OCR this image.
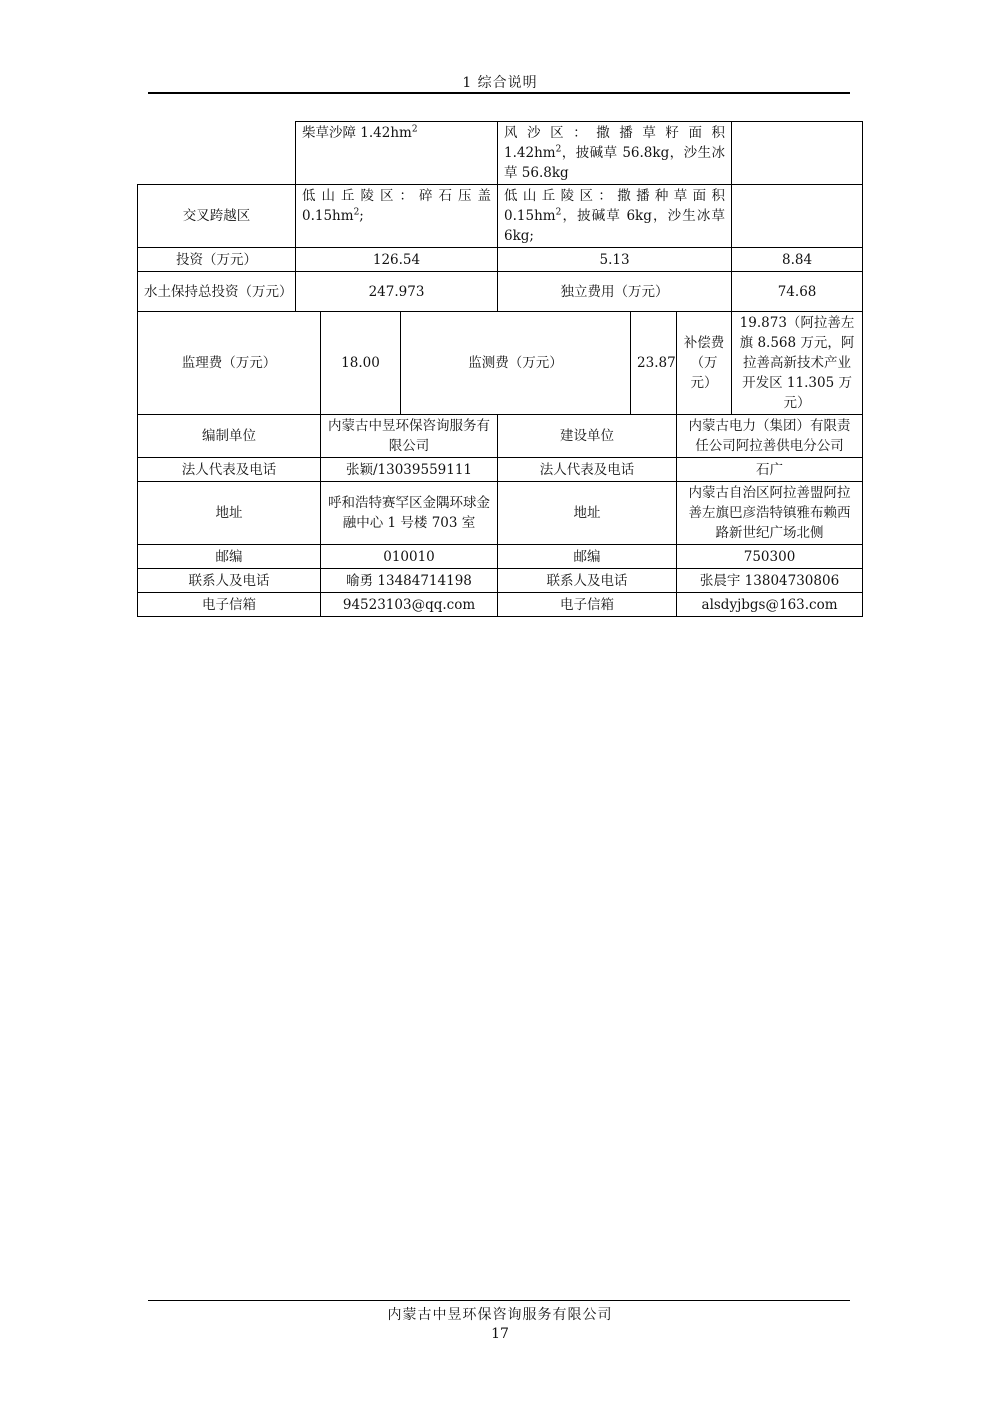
1 综合说明
	柴草沙障 $1.42hm^2$			风 沙 区 ： 撒 播 草 籽 面 积 $1.42hm^2$，披碱草 56.8kg，沙生冰草 56.8kg			
交叉跨越区	低 山 丘 陵 区 ： 碎 石 压 盖 $0.15hm^2$;			低 山 丘 陵 区 ： 撒 播 种 草 面 积 $0.15hm^2$，披碱草 6kg，沙生冰草 6kg;			
投资（万元）	126.54			5.13			8.84
水土保持总投资（万元）	247.973			独立费用（万元）			74.68
监理费（万元）		18.00	监测费（万元）		23.87	补偿费（万元）	19.873（阿拉善左旗 8.568 万元，阿拉善高新技术产业开发区 11.305 万元）
编制单位		内蒙古中昱环保咨询服务有限公司		建设单位		内蒙古电力（集团）有限责任公司阿拉善供电分公司	
法人代表及电话		张颖/13039559111		法人代表及电话		石广	
地址		呼和浩特赛罕区金隅环球金融中心 1 号楼 703 室		地址		内蒙古自治区阿拉善盟阿拉善左旗巴彦浩特镇雅布赖西路新世纪广场北侧	
邮编		010010		邮编		750300	
联系人及电话		喻勇 13484714198		联系人及电话		张晨宇 13804730806	
电子信箱		94523103@qq.com		电子信箱		alsdyjbgs@163.com	
内蒙古中昱环保咨询服务有限公司
17
